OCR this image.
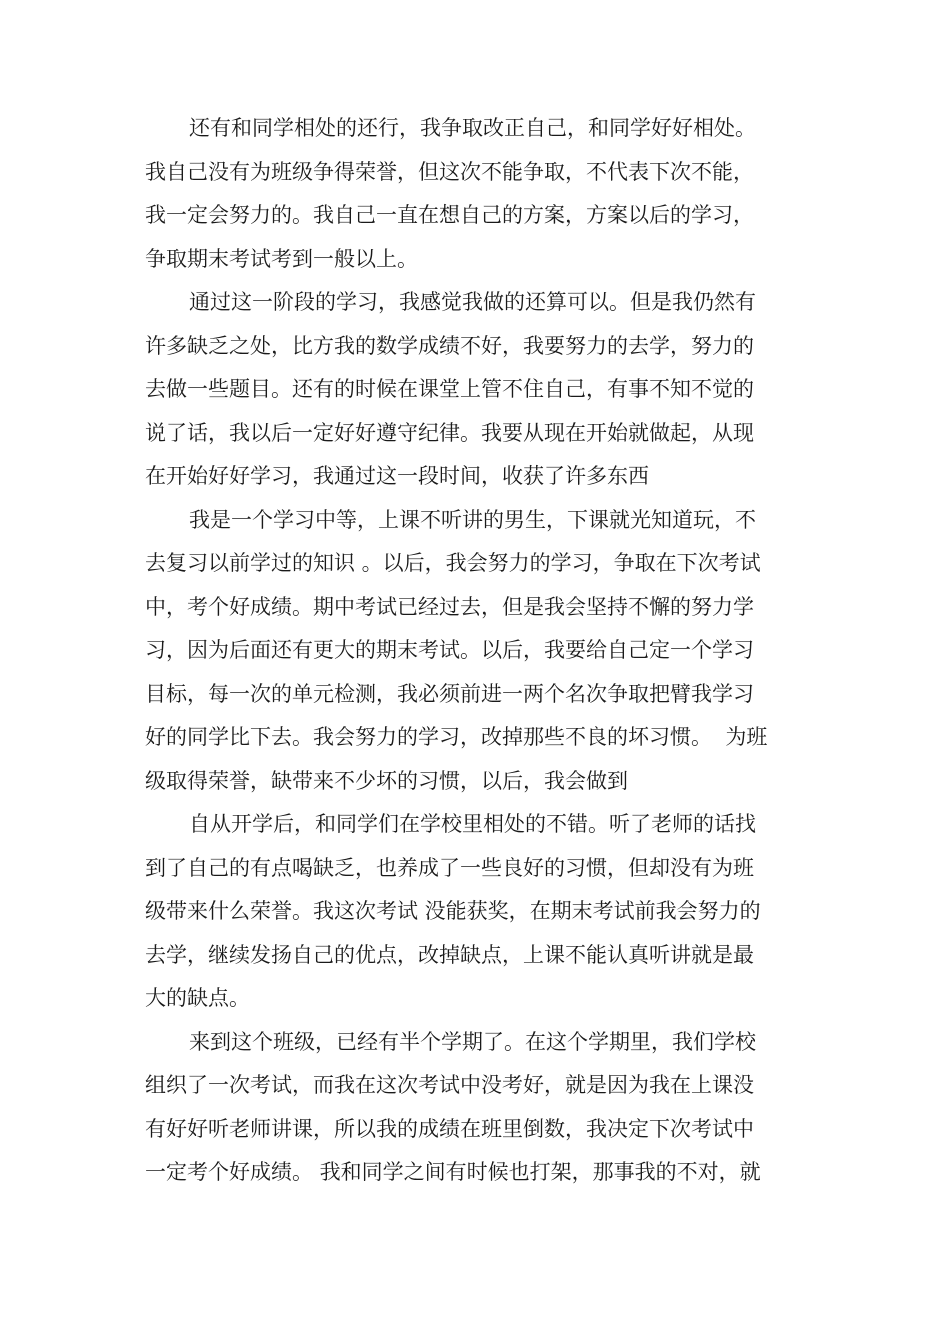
还有和同学相处的还行，我争取改正自己，和同学好好相处。
我自己没有为班级争得荣誉，但这次不能争取，不代表下次不能，
我一定会努力的。我自己一直在想自己的方案，方案以后的学习，
争取期末考试考到一般以上。
通过这一阶段的学习，我感觉我做的还算可以。但是我仍然有
许多缺乏之处，比方我的数学成绩不好，我要努力的去学，努力的
去做一些题目。还有的时候在课堂上管不住自己，有事不知不觉的
说了话，我以后一定好好遵守纪律。我要从现在开始就做起，从现
在开始好好学习，我通过这一段时间，收获了许多东西
我是一个学习中等，上课不听讲的男生，下课就光知道玩，不
去复习以前学过的知识 。以后，我会努力的学习，争取在下次考试
中，考个好成绩。期中考试已经过去，但是我会坚持不懈的努力学
习，因为后面还有更大的期末考试。以后，我要给自己定一个学习
目标，每一次的单元检测，我必须前进一两个名次争取把臂我学习
好的同学比下去。我会努力的学习，改掉那些不良的坏习惯。  为班
级取得荣誉，缺带来不少坏的习惯，以后，我会做到
自从开学后，和同学们在学校里相处的不错。听了老师的话找
到了自己的有点喝缺乏，也养成了一些良好的习惯，但却没有为班
级带来什么荣誉。我这次考试 没能获奖，在期末考试前我会努力的
去学，继续发扬自己的优点，改掉缺点，上课不能认真听讲就是最
大的缺点。
来到这个班级，已经有半个学期了。在这个学期里，我们学校
组织了一次考试，而我在这次考试中没考好，就是因为我在上课没
有好好听老师讲课，所以我的成绩在班里倒数，我决定下次考试中
一定考个好成绩。 我和同学之间有时候也打架，那事我的不对，就
